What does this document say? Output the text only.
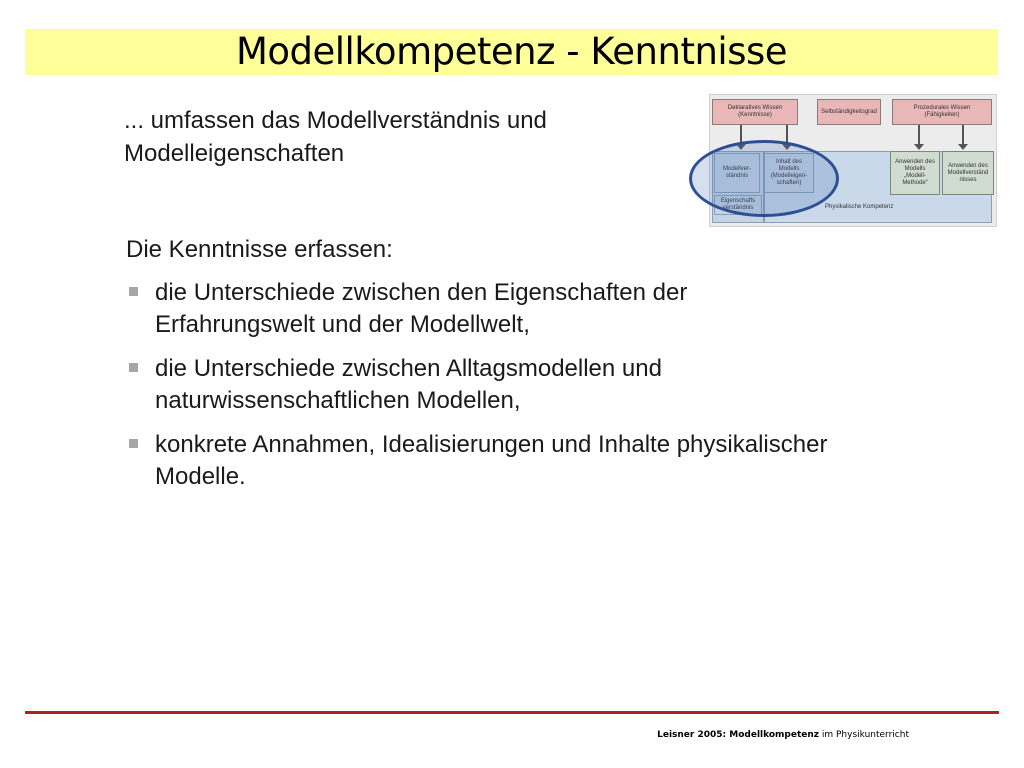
Modellkompetenz - Kenntnisse
... umfassen das Modellverständnis und Modelleigenschaften
Deklaratives Wissen
(Kenntnisse)
Selbständigkeitsgrad
Prozedurales Wissen
(Fähigkeiten)
Physikalische Kompetenz
Modellver-
ständnis
Inhalt des
Modells
(Modelleigen-
schaften)
Eigenschafts
verständnis
Anwenden des
Modells
„Modell-
Methode“
Anwenden des
Modellverständ
nisses
Die Kenntnisse erfassen:
die Unterschiede zwischen den Eigenschaften der Erfahrungswelt und der Modellwelt,
die Unterschiede zwischen Alltagsmodellen und naturwissenschaftlichen Modellen,
konkrete Annahmen, Idealisierungen und Inhalte physikalischer Modelle.
Leisner 2005: Modellkompetenz im Physikunterricht
